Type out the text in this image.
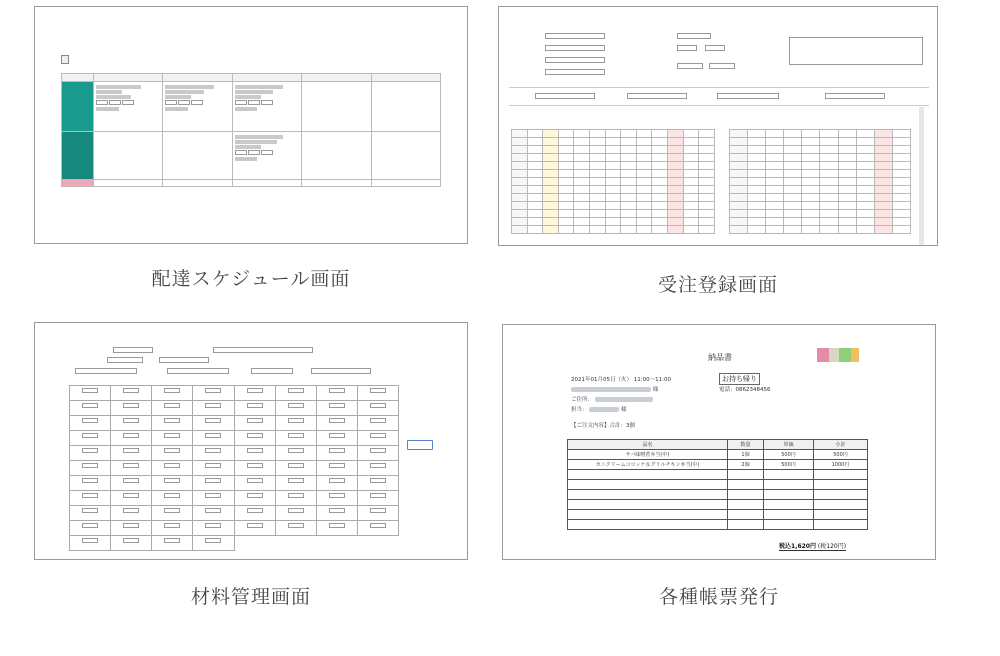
配達スケジュール画面

										受注登録画面

材料管理画面
納品書
2021年01月05日（火） 11:00〜11:00	お持ち帰り
様	電話：0862348456
ご住所：
担当：	様
【ご注文内容】合計：3個
品名	数量	単価	小計
サバ味噌煮弁当(中)	1個	500円	500円
カニクリームコロッケ＆グリルチキン弁当(中)	2個	500円	1000円

税込1,620円 (税120円)
各種帳票発行
